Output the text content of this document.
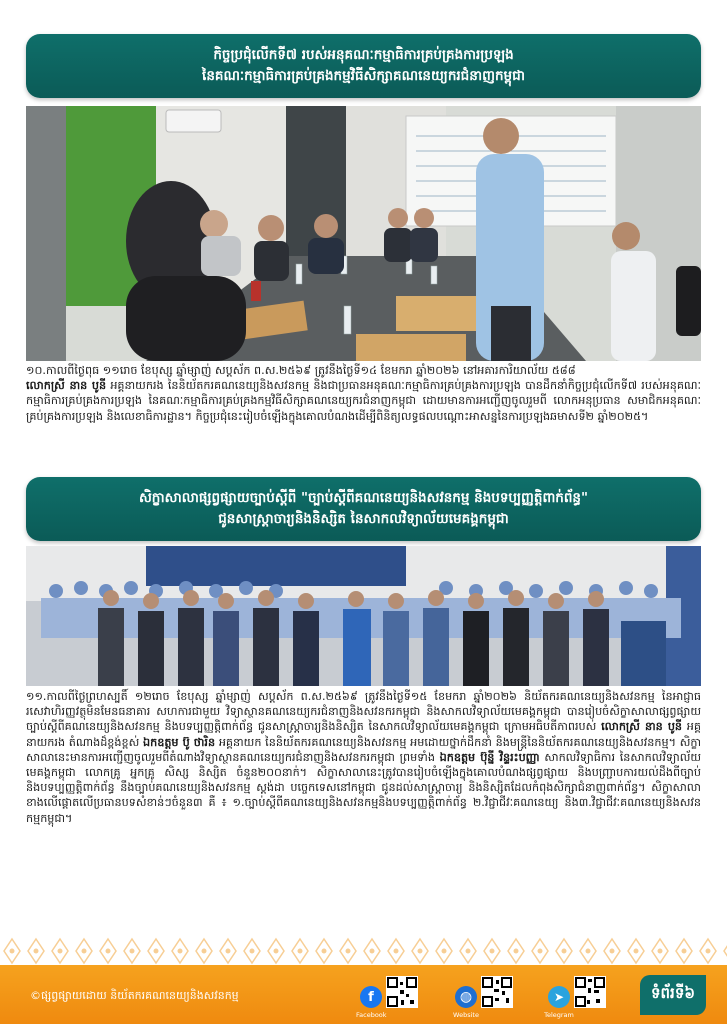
កិច្ចប្រជុំលើកទី៧ របស់អនុគណៈកម្មាធិការគ្រប់គ្រងការប្រឡង
នៃគណៈកម្មាធិការគ្រប់គ្រងកម្មវិធីសិក្សាគណនេយ្យករជំនាញកម្ពុជា

១០.កាលពីថ្ងៃពុធ ១១រោច ខែបុស្ស ឆ្នាំម្សាញ់ សប្តស័ក ព.ស.២៥៦៩ ត្រូវនឹងថ្ងៃទី១៤ ខែមករា ឆ្នាំ២០២៦ នៅអគារការិយាល័យ ៥៨៨
លោកស្រី នាន បូនី អគ្គនាយករង នៃនិយ័តករគណនេយ្យនិងសវនកម្ម និងជាប្រធានអនុគណៈកម្មាធិការគ្រប់គ្រងការប្រឡង បានដឹកនាំកិច្ចប្រជុំលើកទី៧ របស់អនុគណៈកម្មាធិការគ្រប់គ្រងការប្រឡង នៃគណៈកម្មាធិការគ្រប់គ្រងកម្មវិធីសិក្សាគណនេយ្យករជំនាញកម្ពុជា ដោយមានការអញ្ជើញចូលរួមពី លោកអនុប្រធាន សមាជិកអនុគណៈគ្រប់គ្រងការប្រឡង និងលេខាធិការដ្ឋាន។ កិច្ចប្រជុំនេះរៀបចំឡើងក្នុងគោលបំណងដើម្បីពិនិត្យលទ្ធផលបណ្ដោះអាសន្ននៃការប្រឡងឆមាសទី២ ឆ្នាំ២០២៥។

សិក្ខាសាលាផ្សព្វផ្សាយច្បាប់ស្តីពី "ច្បាប់ស្តីពីគណនេយ្យនិងសវនកម្ម និងបទប្បញ្ញត្តិពាក់ព័ន្ធ"
ជូនសាស្ត្រាចារ្យនិងនិស្សិត នៃសាកលវិទ្យាល័យមេគង្គកម្ពុជា

១១.កាលពីថ្ងៃព្រហស្បតិ៍ ១២រោច ខែបុស្ស ឆ្នាំម្សាញ់ សប្តស័ក ព.ស.២៥៦៩ ត្រូវនឹងថ្ងៃទី១៥ ខែមករា ឆ្នាំ២០២៦ និយ័តករគណនេយ្យនិងសវនកម្ម នៃអាជ្ញាធរសេវាហិរញ្ញវត្ថុមិនមែនធនាគារ សហការជាមួយ វិទ្យាស្ថានគណនេយ្យករជំនាញនិងសវនករកម្ពុជា និងសាកលវិទ្យាល័យមេគង្គកម្ពុជា បានរៀបចំសិក្ខាសាលាផ្សព្វផ្សាយច្បាប់ស្តីពីគណនេយ្យនិងសវនកម្ម និងបទប្បញ្ញត្តិពាក់ព័ន្ធ ជូនសាស្ត្រាចារ្យនិងនិស្សិត នៃសាកលវិទ្យាល័យមេគង្គកម្ពុជា ក្រោមអធិបតីភាពរបស់ លោកស្រី នាន បូនី អគ្គនាយករង តំណាងដ៏ខ្ពង់ខ្ពស់ ឯកឧត្តម ប៊ូ ថារិន អគ្គនាយក នៃនិយ័តករគណនេយ្យនិងសវនកម្ម អមដោយថ្នាក់ដឹកនាំ និងមន្ត្រីនៃនិយ័តករគណនេយ្យនិងសវនកម្ម។ សិក្ខាសាលានេះមានការអញ្ជើញចូលរួមពីតំណាងវិទ្យាស្ថានគណនេយ្យករជំនាញនិងសវនករកម្ពុជា ព្រមទាំង ឯកឧត្តម ប៊ុន្នី វិន្ទរះបញ្ញា សាកលវិទ្យាធិការ នៃសាកលវិទ្យាល័យមេគង្គកម្ពុជា លោកគ្រូ អ្នកគ្រូ សិស្ស និស្សិត ចំនួន២០០នាក់។ សិក្ខាសាលានេះត្រូវបានរៀបចំឡើងក្នុងគោលបំណងផ្សព្វផ្សាយ និងបញ្ជ្រាបការយល់ដឹងពីច្បាប់និងបទប្បញ្ញត្តិពាក់ព័ន្ធ នឹងច្បាប់គណនេយ្យនិងសវនកម្ម ស្តង់ដា បច្ចេកទេសនៅកម្ពុជា ជូនដល់សាស្ត្រាចារ្យ និងនិស្សិតដែលកំពុងសិក្សាជំនាញពាក់ព័ន្ធ។ សិក្ខាសាលាខាងលើផ្តោតលើប្រធានបទសំខាន់ៗចំនួន៣ គឺ ៖ ១.ច្បាប់ស្តីពីគណនេយ្យនិងសវនកម្មនិងបទប្បញ្ញត្តិពាក់ព័ន្ធ ២.វិជ្ជាជីវៈគណនេយ្យ និង៣.វិជ្ជាជីវៈគណនេយ្យនិងសវនកម្មកម្ពុជា។

©ផ្សព្វផ្សាយដោយ និយ័តករគណនេយ្យនិងសវនកម្ម	f
Facebook
◍
Website
➤
Telegram
ទំព័រទី៦
